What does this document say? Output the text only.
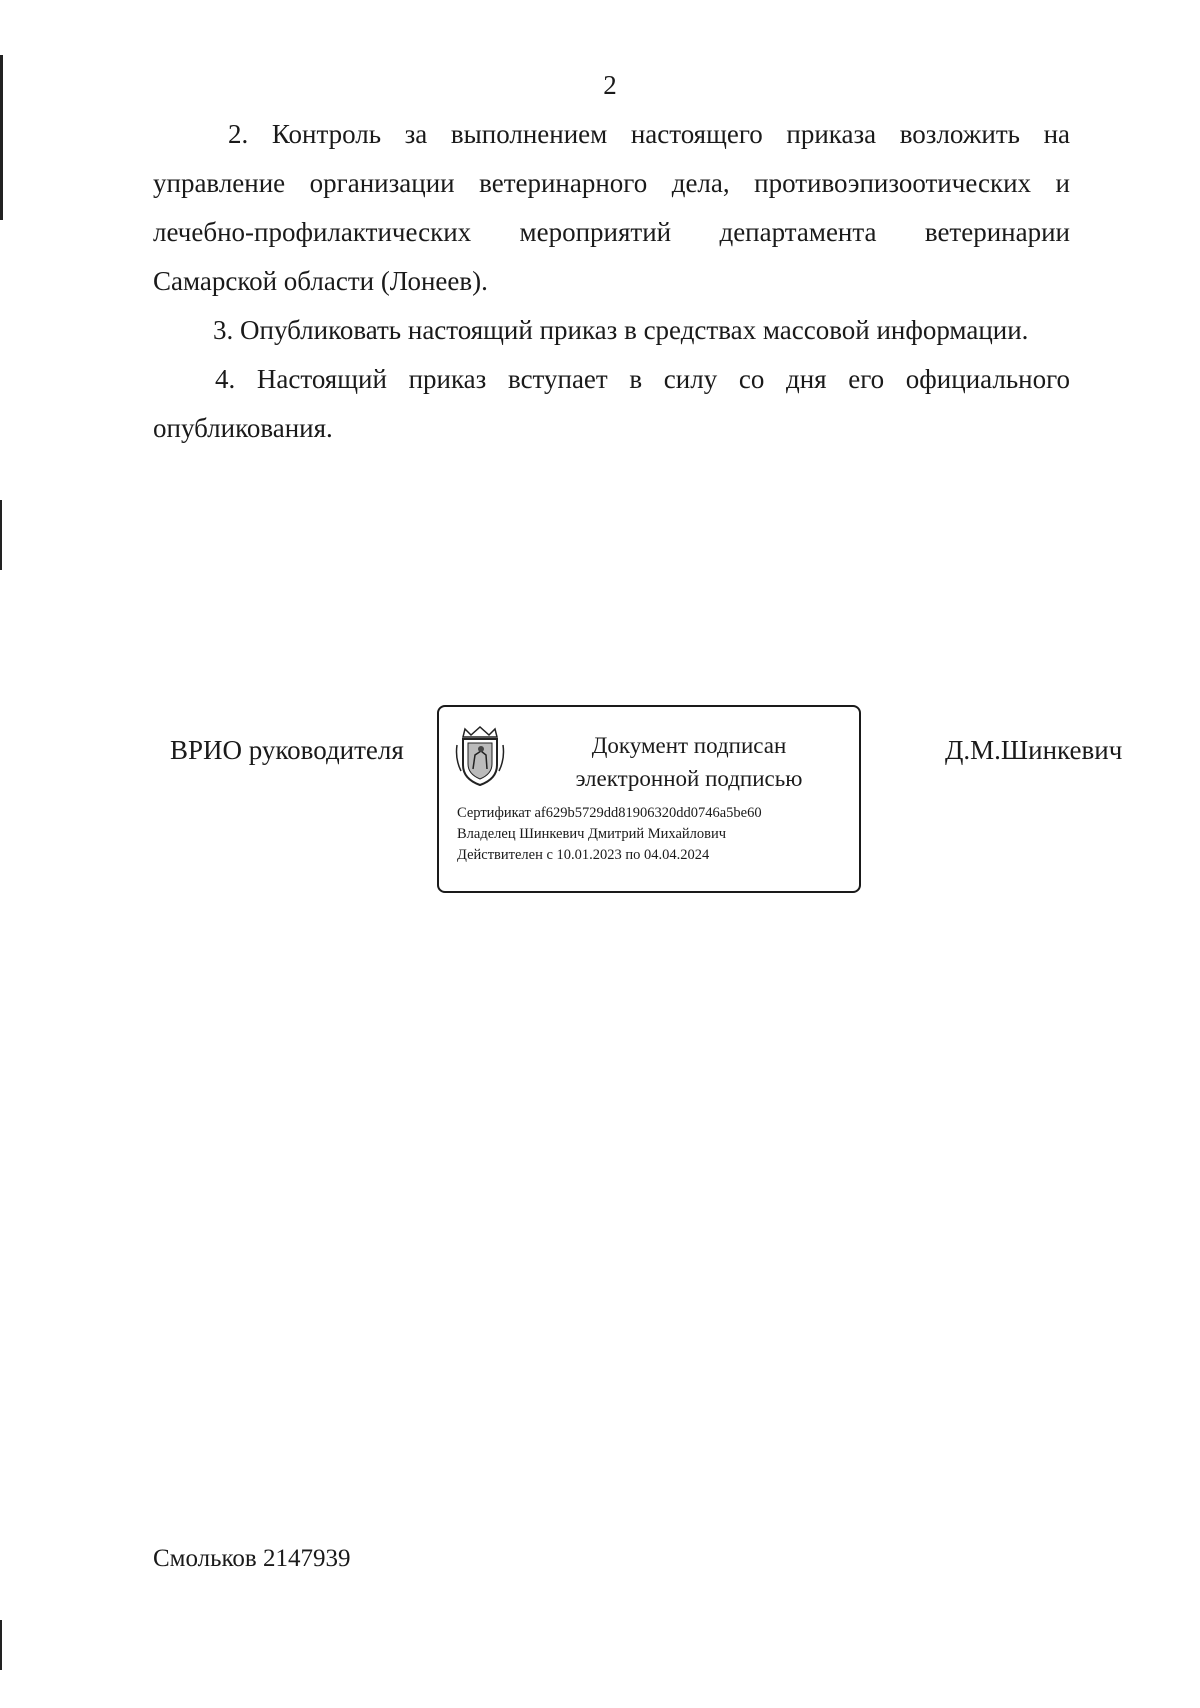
2

2. Контроль за выполнением настоящего приказа возложить на управление организации ветеринарного дела, противоэпизоотических и лечебно-профилактических мероприятий департамента ветеринарии Самарской области (Лонеев).

3. Опубликовать настоящий приказ в средствах массовой информации.

4. Настоящий приказ вступает в силу со дня его официального опубликования.

ВРИО руководителя	Документ подписан
электронной подписью
Сертификат af629b5729dd81906320dd0746a5be60
Владелец Шинкевич Дмитрий Михайлович
Действителен с 10.01.2023 по 04.04.2024
Д.М.Шинкевич
Смольков 2147939
